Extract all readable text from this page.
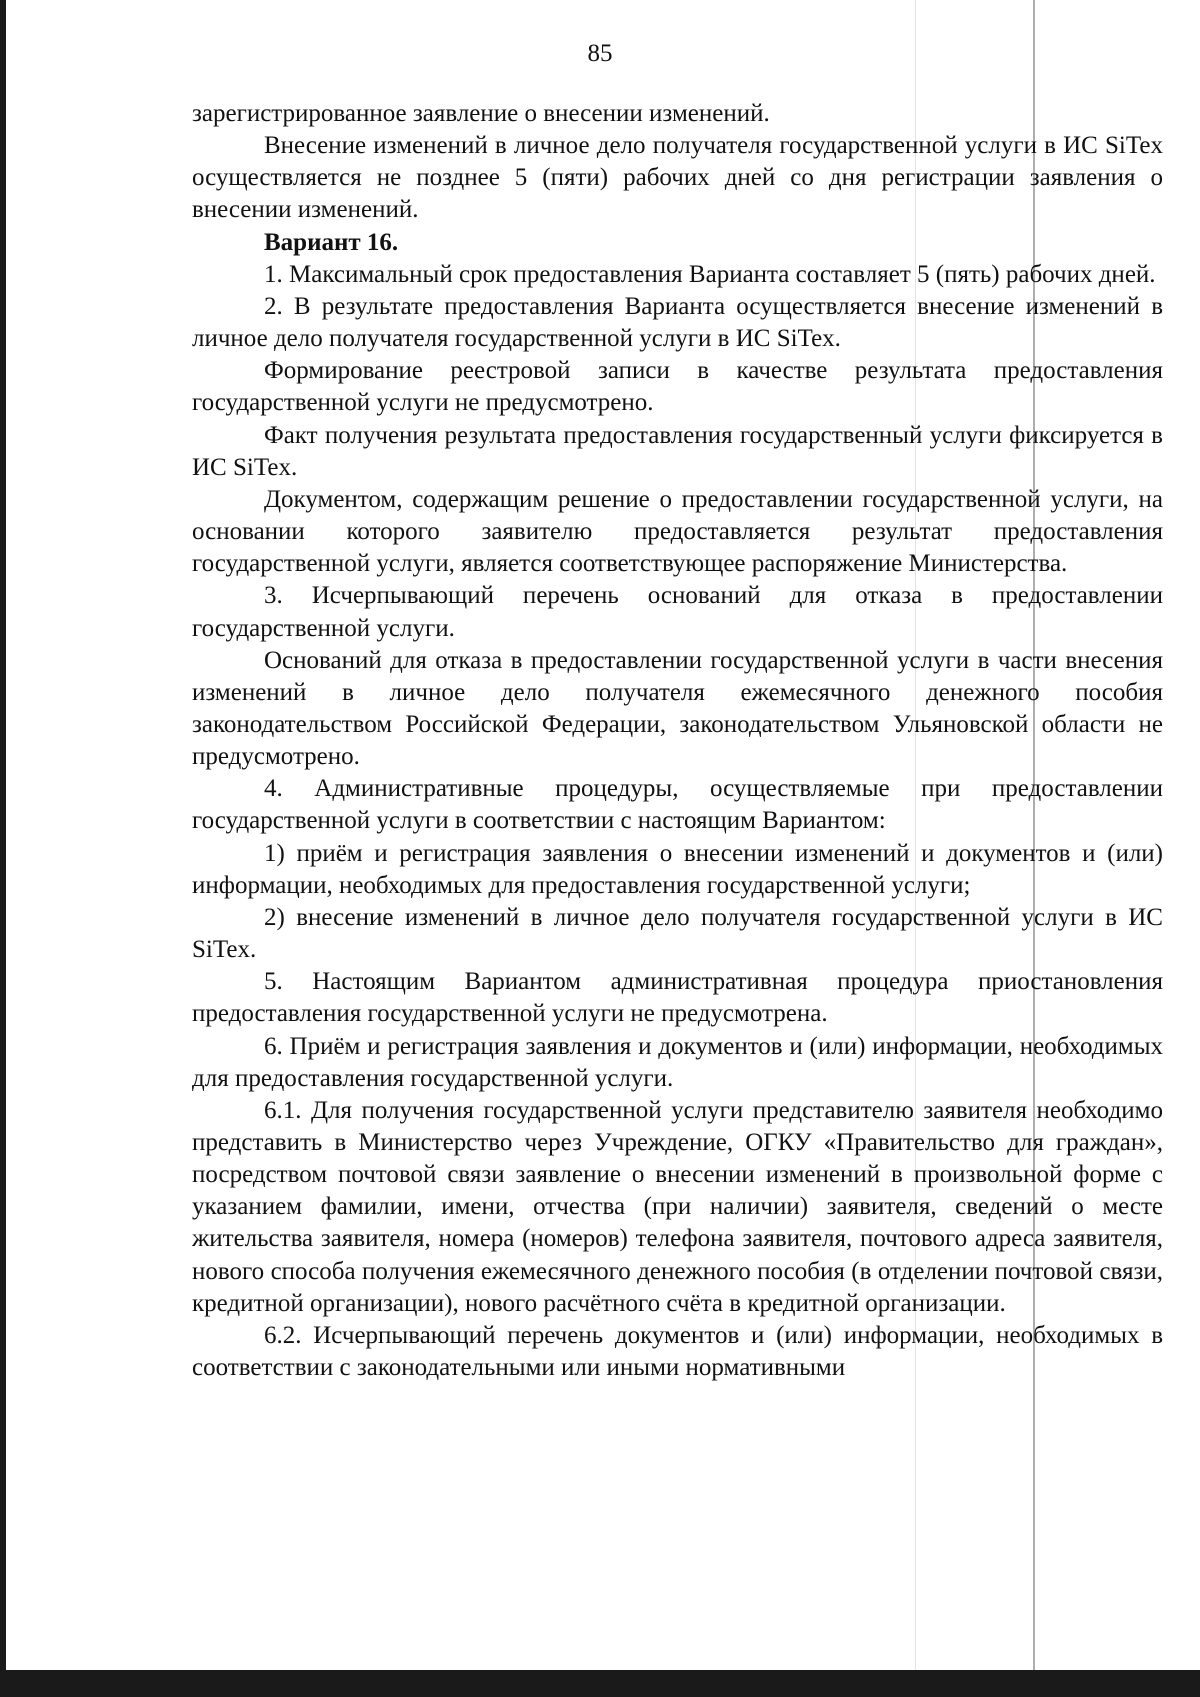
85

зарегистрированное заявление о внесении изменений.

Внесение изменений в личное дело получателя государственной услуги в ИС SiTex осуществляется не позднее 5 (пяти) рабочих дней со дня регистрации заявления о внесении изменений.

Вариант 16.

1. Максимальный срок предоставления Варианта составляет 5 (пять) рабочих дней.

2. В результате предоставления Варианта осуществляется внесение изменений в личное дело получателя государственной услуги в ИС SiTex.

Формирование реестровой записи в качестве результата предоставления государственной услуги не предусмотрено.

Факт получения результата предоставления государственный услуги фиксируется в ИС SiTex.

Документом, содержащим решение о предоставлении государственной услуги, на основании которого заявителю предоставляется результат предоставления государственной услуги, является соответствующее распоряжение Министерства.

3. Исчерпывающий перечень оснований для отказа в предоставлении государственной услуги.

Оснований для отказа в предоставлении государственной услуги в части внесения изменений в личное дело получателя ежемесячного денежного пособия законодательством Российской Федерации, законодательством Ульяновской области не предусмотрено.

4. Административные процедуры, осуществляемые при предоставлении государственной услуги в соответствии с настоящим Вариантом:

1) приём и регистрация заявления о внесении изменений и документов и (или) информации, необходимых для предоставления государственной услуги;

2) внесение изменений в личное дело получателя государственной услуги в ИС SiTex.

5. Настоящим Вариантом административная процедура приостановления предоставления государственной услуги не предусмотрена.

6. Приём и регистрация заявления и документов и (или) информации, необходимых для предоставления государственной услуги.

6.1. Для получения государственной услуги представителю заявителя необходимо представить в Министерство через Учреждение, ОГКУ «Правительство для граждан», посредством почтовой связи заявление о внесении изменений в произвольной форме с указанием фамилии, имени, отчества (при наличии) заявителя, сведений о месте жительства заявителя, номера (номеров) телефона заявителя, почтового адреса заявителя, нового способа получения ежемесячного денежного пособия (в отделении почтовой связи, кредитной организации), нового расчётного счёта в кредитной организации.

6.2. Исчерпывающий перечень документов и (или) информации, необходимых в соответствии с законодательными или иными нормативными
